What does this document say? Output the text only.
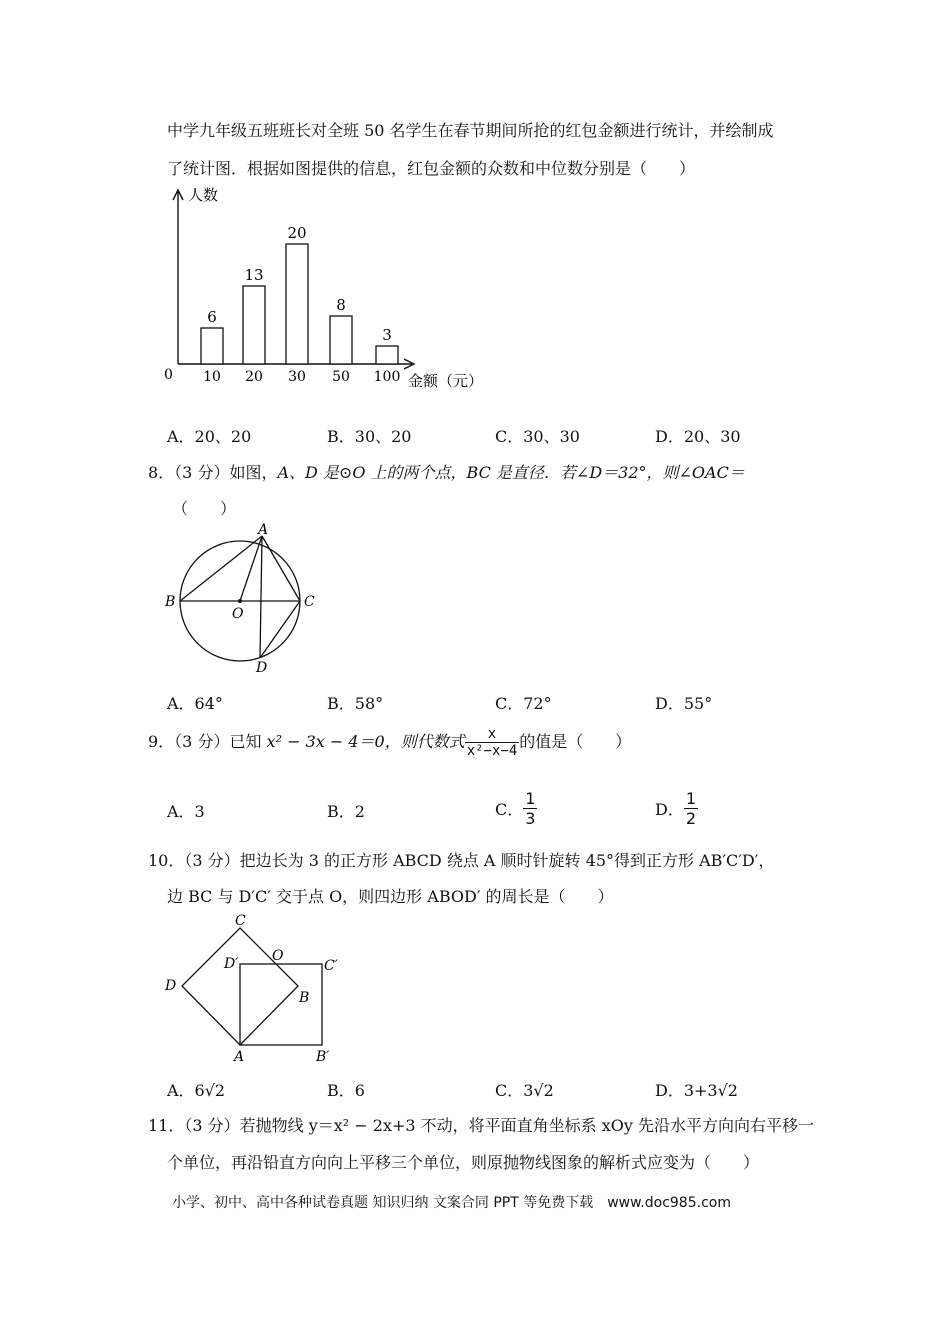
中学九年级五班班长对全班 50 名学生在春节期间所抢的红包金额进行统计，并绘制成
了统计图．根据如图提供的信息，红包金额的众数和中位数分别是（　　）
人数
金额（元）
0
6
10
13
20
20
30
8
50
3
100
A．20、20	B．30、20	C．30、30	D．20、30
8．（3 分）如图，A、D 是⊙O 上的两个点，BC 是直径．若∠D＝32°，则∠OAC＝
（　　）
A
B	C
O
D
A．64°	B．58°	C．72°	D．55°
9．（3 分）已知 x² − 3x − 4＝0，则代数式 $\frac{x}{\text{x²−x−4}}$ 的值是（　　）
A．3	B．2	C． $\frac{1}{3}$	D． $\frac{1}{2}$
10．（3 分）把边长为 3 的正方形 ABCD 绕点 A 顺时针旋转 45°得到正方形 AB′C′D′，
边 BC 与 D′C′ 交于点 O，则四边形 ABOD′ 的周长是（　　）
C
D
D′ O
C′
B
A	B′
A．6√2	B．6	C．3√2	D．3+3√2
11．（3 分）若抛物线 y＝x² − 2x+3 不动，将平面直角坐标系 xOy 先沿水平方向向右平移一
个单位，再沿铅直方向向上平移三个单位，则原抛物线图象的解析式应变为（　　）
小学、初中、高中各种试卷真题 知识归纳 文案合同 PPT 等免费下载　www.doc985.com
